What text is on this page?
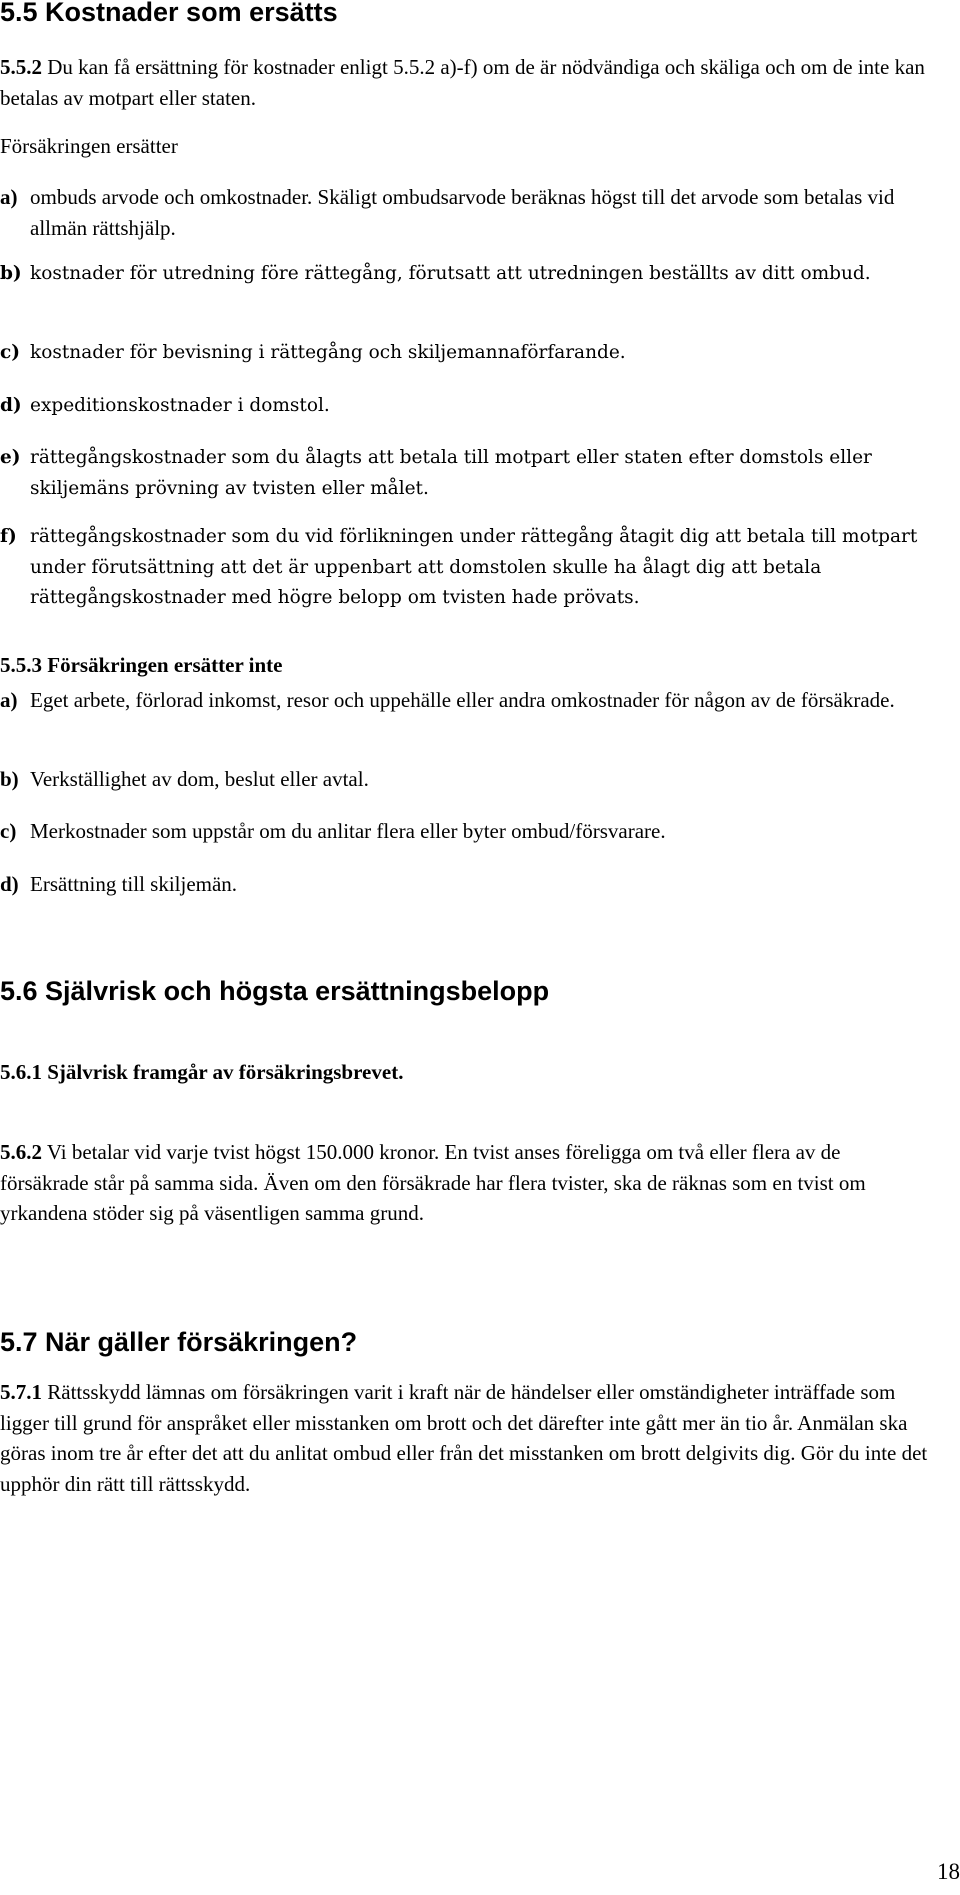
5.5 Kostnader som ersätts
5.5.2 Du kan få ersättning för kostnader enligt 5.5.2 a)-f) om de är nödvändiga och skäliga och om de inte kan betalas av motpart eller staten.
Försäkringen ersätter
a) ombuds arvode och omkostnader. Skäligt ombudsarvode beräknas högst till det arvode som betalas vid allmän rättshjälp.
b) kostnader för utredning före rättegång, förutsatt att utredningen beställts av ditt ombud.
c) kostnader för bevisning i rättegång och skiljemannaförfarande.
d) expeditionskostnader i domstol.
e) rättegångskostnader som du ålagts att betala till motpart eller staten efter domstols eller skiljemäns prövning av tvisten eller målet.
f) rättegångskostnader som du vid förlikningen under rättegång åtagit dig att betala till motpart under förutsättning att det är uppenbart att domstolen skulle ha ålagt dig att betala rättegångskostnader med högre belopp om tvisten hade prövats.
5.5.3 Försäkringen ersätter inte
a) Eget arbete, förlorad inkomst, resor och uppehälle eller andra omkostnader för någon av de försäkrade.
b) Verkställighet av dom, beslut eller avtal.
c) Merkostnader som uppstår om du anlitar flera eller byter ombud/försvarare.
d) Ersättning till skiljemän.
5.6 Självrisk och högsta ersättningsbelopp
5.6.1 Självrisk framgår av försäkringsbrevet.
5.6.2 Vi betalar vid varje tvist högst 150.000 kronor. En tvist anses föreligga om två eller flera av de försäkrade står på samma sida. Även om den försäkrade har flera tvister, ska de räknas som en tvist om yrkandena stöder sig på väsentligen samma grund.
5.7 När gäller försäkringen?
5.7.1 Rättsskydd lämnas om försäkringen varit i kraft när de händelser eller omständigheter inträffade som ligger till grund för anspråket eller misstanken om brott och det därefter inte gått mer än tio år. Anmälan ska göras inom tre år efter det att du anlitat ombud eller från det misstanken om brott delgivits dig. Gör du inte det upphör din rätt till rättsskydd.
18
